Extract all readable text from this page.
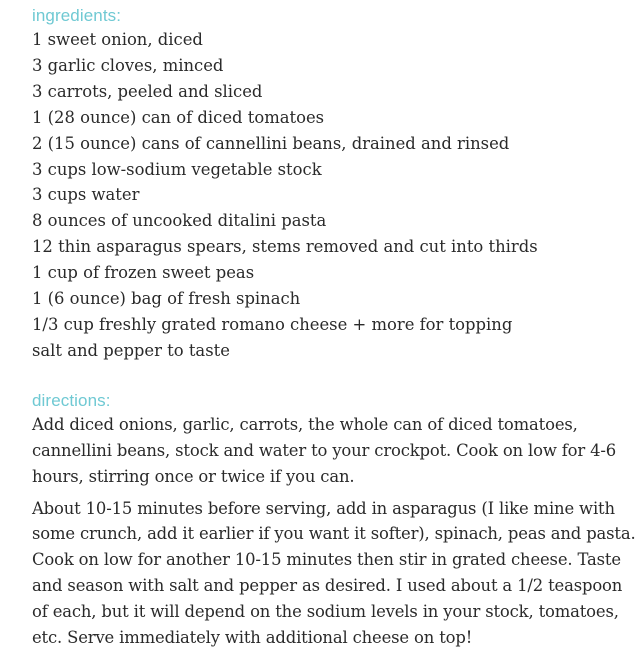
ingredients:
1 sweet onion, diced
3 garlic cloves, minced
3 carrots, peeled and sliced
1 (28 ounce) can of diced tomatoes
2 (15 ounce) cans of cannellini beans, drained and rinsed
3 cups low-sodium vegetable stock
3 cups water
8 ounces of uncooked ditalini pasta
12 thin asparagus spears, stems removed and cut into thirds
1 cup of frozen sweet peas
1 (6 ounce) bag of fresh spinach
1/3 cup freshly grated romano cheese + more for topping
salt and pepper to taste
directions:

Add diced onions, garlic, carrots, the whole can of diced tomatoes, cannellini beans, stock and water to your crockpot. Cook on low for 4-6 hours, stirring once or twice if you can.

About 10-15 minutes before serving, add in asparagus (I like mine with some crunch, add it earlier if you want it softer), spinach, peas and pasta. Cook on low for another 10-15 minutes then stir in grated cheese. Taste and season with salt and pepper as desired. I used about a 1/2 teaspoon of each, but it will depend on the sodium levels in your stock, tomatoes, etc. Serve immediately with additional cheese on top!
